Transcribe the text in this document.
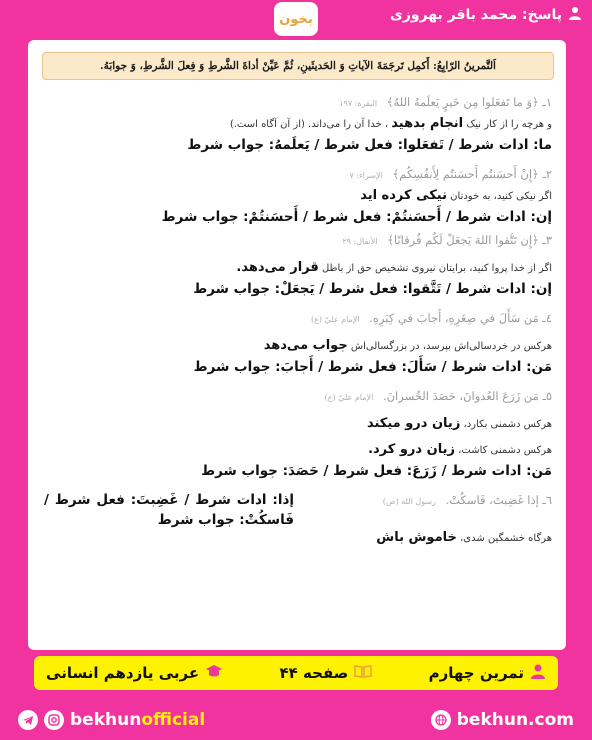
پاسخ: محمد باقر بهروزی
بخون
اَلتَّمرينُ الرّابِعُ: أَكمِل تَرجَمَةَ الآياتِ وَ الحَديثَينِ، ثُمَّ عَيِّنْ أداةَ الشَّرطِ وَ فِعلَ الشَّرطِ، وَ جوابَهُ.
١ـ ﴿وَ ما تَفعَلوا مِن خَيرٍ يَعلَمهُ اللهُ﴾ البقرة: ۱۹۷
و هرچه را از کار نیک انجام بدهید ، خدا آن را می‌داند. (از آن آگاه است.)
ما: ادات شرط / تَفعَلوا: فعل شرط / يَعلَمهُ: جواب شرط
٢ـ ﴿إِنْ أَحسَنتُم أَحسَنتُم لِأَنفُسِكُم﴾ الإسراء: ۷
اگر نیکی کنید، به خودتان نیکی کرده اید
إن: ادات شرط / أَحسَنتُمْ: فعل شرط / أَحسَنتُمْ: جواب شرط
٣ـ ﴿إِن تَتَّقوا اللهَ يَجعَلْ لَكُم فُرقانًا﴾ الأنفال: ۲۹
اگر از خدا پروا کنید، برایتان نیروی تشخیص حق از باطل قرار می‌دهد.
إن: ادات شرط / تَتَّقوا: فعل شرط / يَجعَلْ: جواب شرط
٤ـ مَن سَأَلَ في صِغَرِهِ، أَجابَ في كِبَرِهِ. الإمام عليّ (ع)
هرکس در خردسالی‌اش بپرسد، در بزرگسالی‌اش جواب می‌دهد
مَن: ادات شرط / سَأَلَ: فعل شرط / أَجابَ: جواب شرط
٥ـ مَن زَرَعَ العُدوانَ، حَصَدَ الخُسرانَ. الإمام عليّ (ع)
هرکس دشمنی بکارد، زیان درو میکند
هرکس دشمنی کاشت، زیان درو کرد.
مَن: ادات شرط / زَرَعَ: فعل شرط / حَصَدَ: جواب شرط
٦ـ إذا غَضِبتَ، فَاسكُتْ. رسول الله (ص)
هرگاه خشمگین شدی، خاموش باش
إذا: ادات شرط / غَضِبتَ: فعل شرط / فَاسكُتْ: جواب شرط
تمرین چهارم
صفحه ۴۴
عربی یازدهم انسانی
bekhunofficial	bekhun.com
